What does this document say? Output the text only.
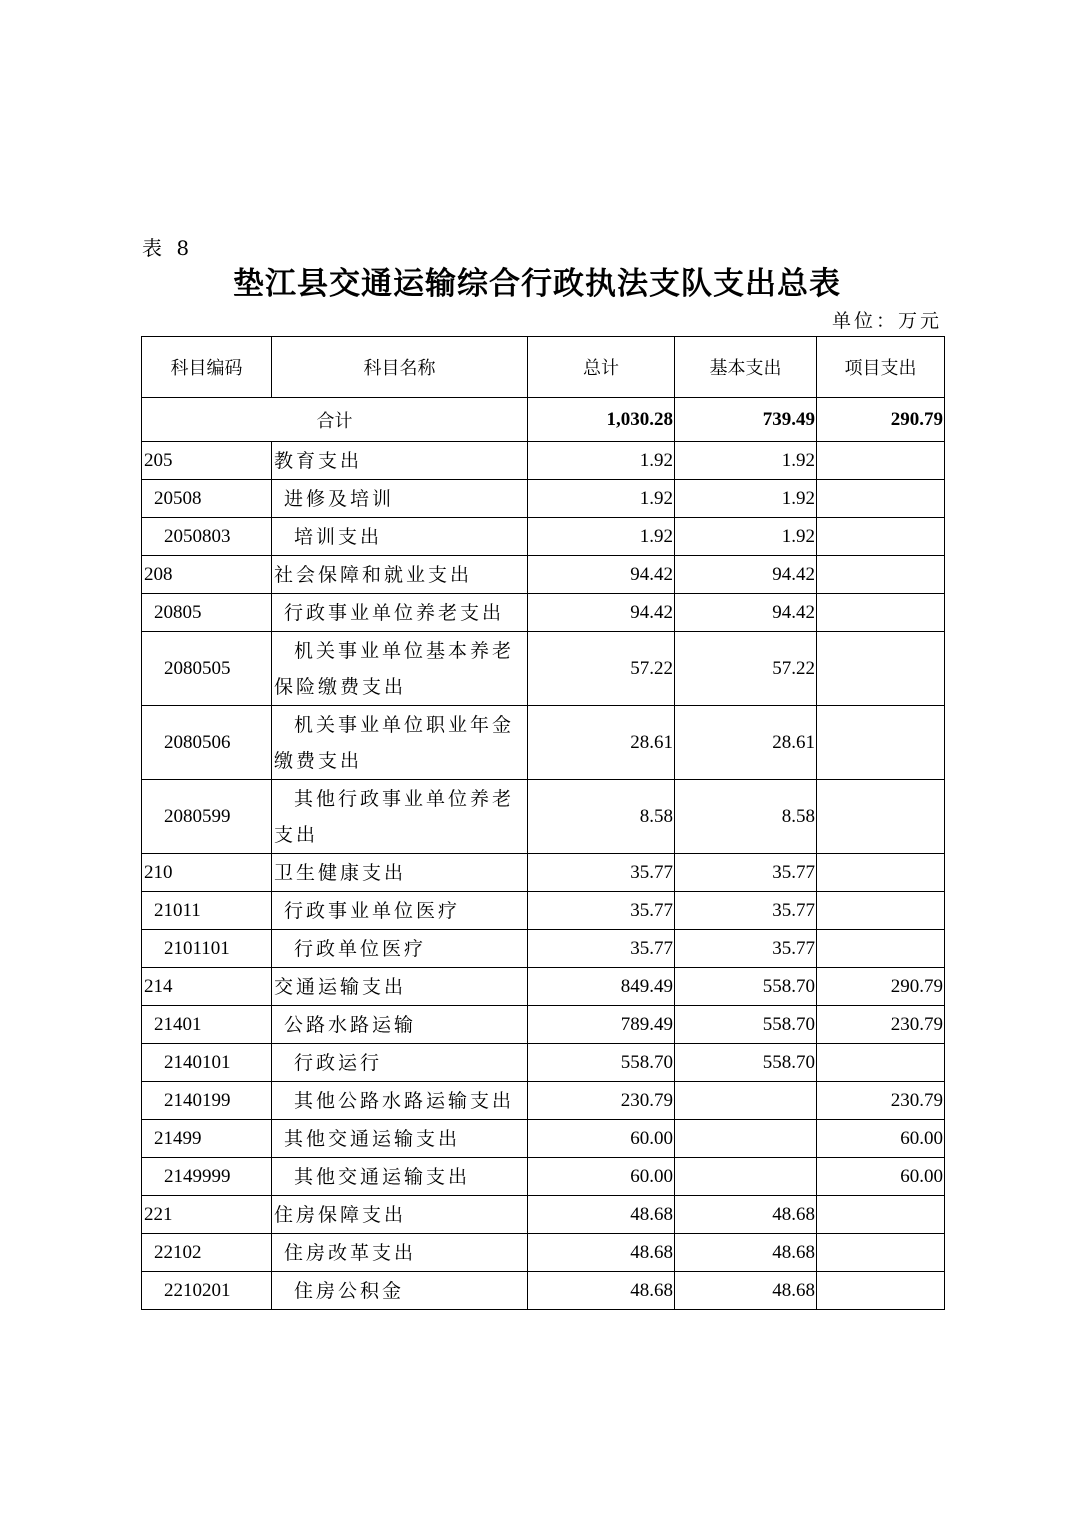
表 8
垫江县交通运输综合行政执法支队支出总表
单位：万元
科目编码	科目名称	总计	基本支出	项目支出
合计		1,030.28	739.49	290.79
205	教育支出	1.92	1.92	
20508	进修及培训	1.92	1.92	
2050803	培训支出	1.92	1.92	
208	社会保障和就业支出	94.42	94.42	
20805	行政事业单位养老支出	94.42	94.42	
2080505	机关事业单位基本养老
保险缴费支出	57.22	57.22	
2080506	机关事业单位职业年金
缴费支出	28.61	28.61	
2080599	其他行政事业单位养老
支出	8.58	8.58	
210	卫生健康支出	35.77	35.77	
21011	行政事业单位医疗	35.77	35.77	
2101101	行政单位医疗	35.77	35.77	
214	交通运输支出	849.49	558.70	290.79
21401	公路水路运输	789.49	558.70	230.79
2140101	行政运行	558.70	558.70	
2140199	其他公路水路运输支出	230.79		230.79
21499	其他交通运输支出	60.00		60.00
2149999	其他交通运输支出	60.00		60.00
221	住房保障支出	48.68	48.68	
22102	住房改革支出	48.68	48.68	
2210201	住房公积金	48.68	48.68	
